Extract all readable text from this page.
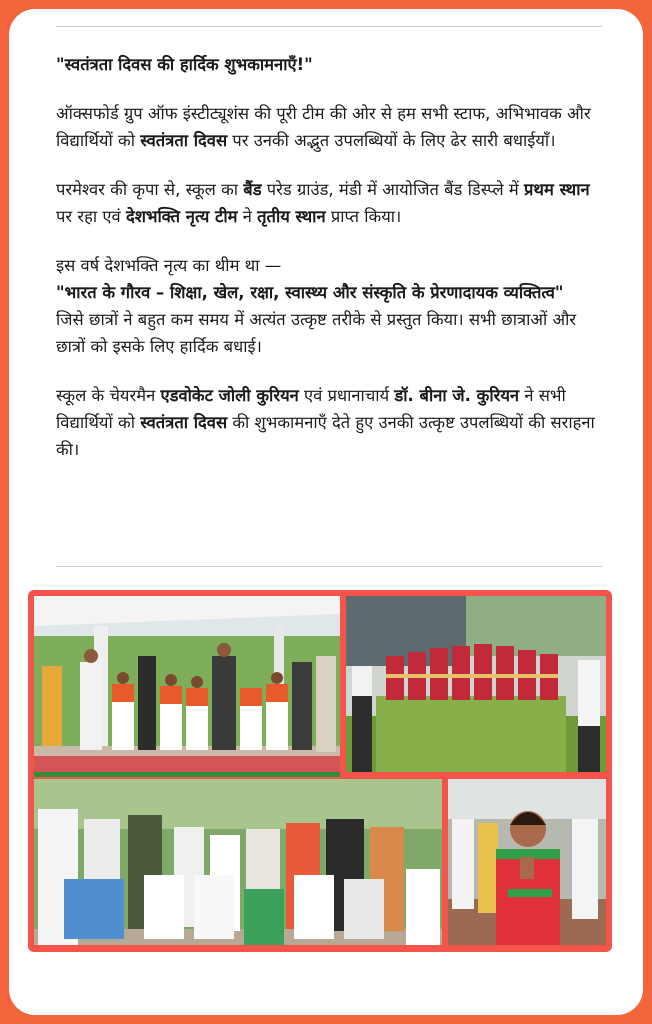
"स्वतंत्रता दिवस की हार्दिक शुभकामनाएँ!"

ऑक्सफोर्ड ग्रुप ऑफ इंस्टीट्यूशंस की पूरी टीम की ओर से हम सभी स्टाफ, अभिभावक और विद्यार्थियों को स्वतंत्रता दिवस पर उनकी अद्भुत उपलब्धियों के लिए ढेर सारी बधाईयाँ।

परमेश्वर की कृपा से, स्कूल का बैंड परेड ग्राउंड, मंडी में आयोजित बैंड डिस्प्ले में प्रथम स्थान पर रहा एवं देशभक्ति नृत्य टीम ने तृतीय स्थान प्राप्त किया।

इस वर्ष देशभक्ति नृत्य का थीम था —
"भारत के गौरव – शिक्षा, खेल, रक्षा, स्वास्थ्य और संस्कृति के प्रेरणादायक व्यक्तित्व"
जिसे छात्रों ने बहुत कम समय में अत्यंत उत्कृष्ट तरीके से प्रस्तुत किया। सभी छात्राओं और छात्रों को इसके लिए हार्दिक बधाई।

स्कूल के चेयरमैन एडवोकेट जोली कुरियन एवं प्रधानाचार्य डॉ. बीना जे. कुरियन ने सभी विद्यार्थियों को स्वतंत्रता दिवस की शुभकामनाएँ देते हुए उनकी उत्कृष्ट उपलब्धियों की सराहना की।
